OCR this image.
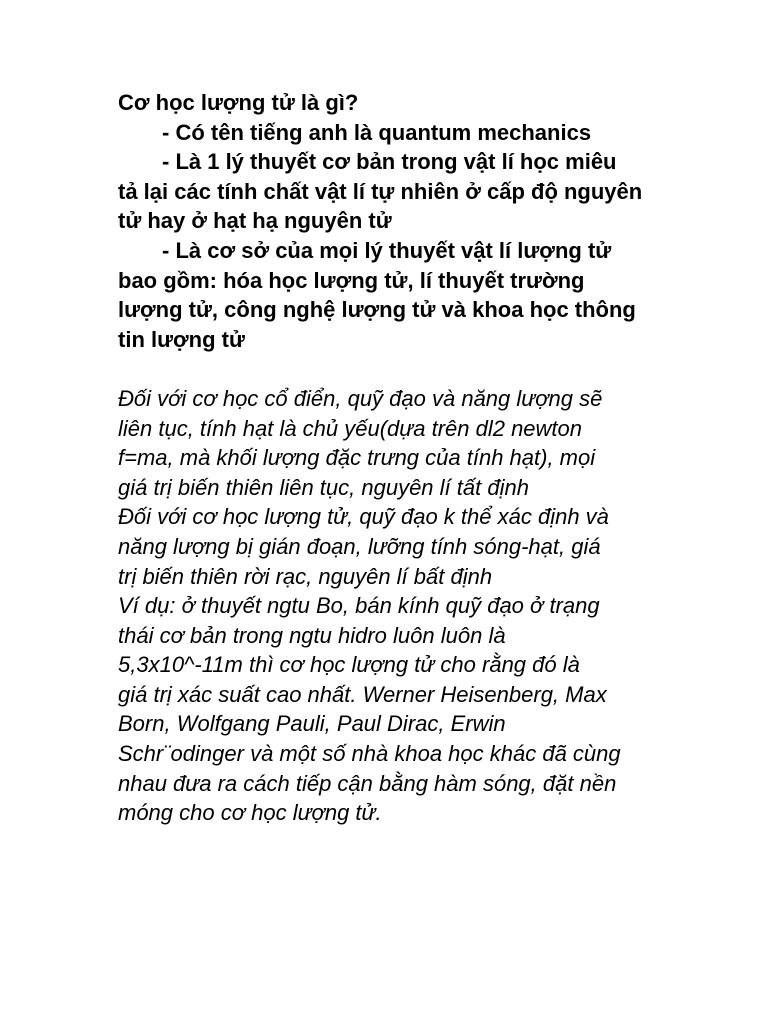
Cơ học lượng tử là gì?
- Có tên tiếng anh là quantum mechanics
- Là 1 lý thuyết cơ bản trong vật lí học miêu
tả lại các tính chất vật lí tự nhiên ở cấp độ nguyên
tử hay ở hạt hạ nguyên tử
- Là cơ sở của mọi lý thuyết vật lí lượng tử
bao gồm: hóa học lượng tử, lí thuyết trường
lượng tử, công nghệ lượng tử và khoa học thông
tin lượng tử
Đối với cơ học cổ điển, quỹ đạo và năng lượng sẽ
liên tục, tính hạt là chủ yếu(dựa trên dl2 newton
f=ma, mà khối lượng đặc trưng của tính hạt), mọi
giá trị biến thiên liên tục, nguyên lí tất định
Đối với cơ học lượng tử, quỹ đạo k thể xác định và
năng lượng bị gián đoạn, lưỡng tính sóng-hạt, giá
trị biến thiên rời rạc, nguyên lí bất định
Ví dụ: ở thuyết ngtu Bo, bán kính quỹ đạo ở trạng
thái cơ bản trong ngtu hidro luôn luôn là
5,3x10^-11m thì cơ học lượng tử cho rằng đó là
giá trị xác suất cao nhất. Werner Heisenberg, Max
Born, Wolfgang Pauli, Paul Dirac, Erwin
Schr¨odinger và một số nhà khoa học khác đã cùng
nhau đưa ra cách tiếp cận bằng hàm sóng, đặt nền
móng cho cơ học lượng tử.
